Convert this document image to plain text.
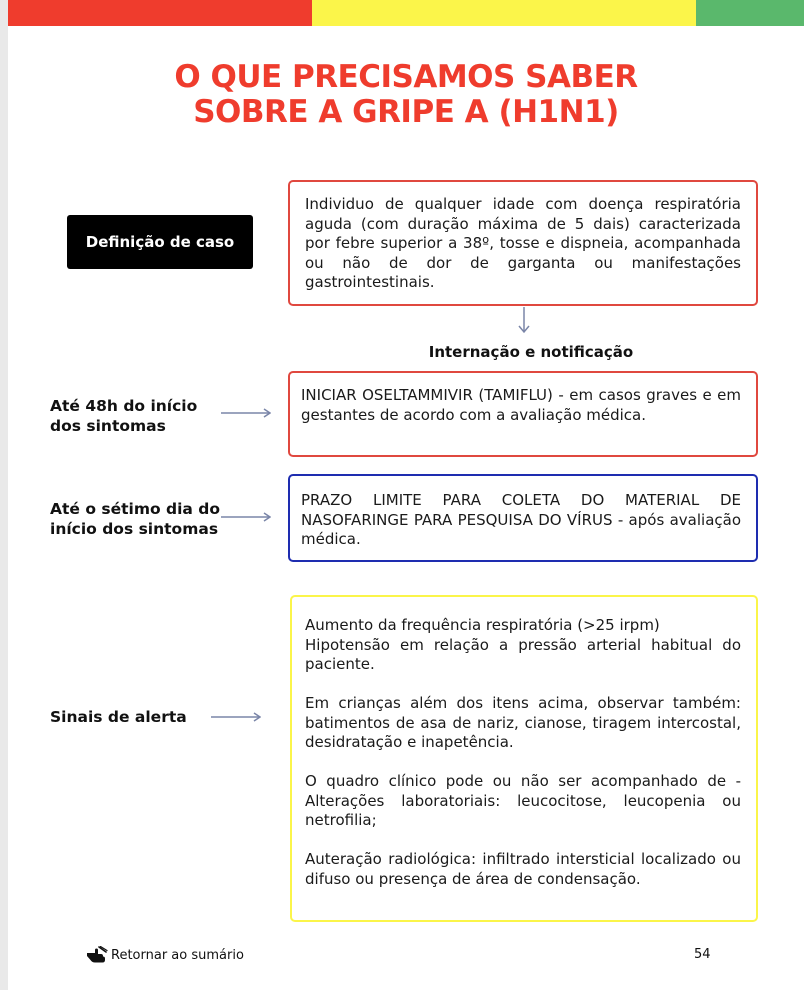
O QUE PRECISAMOS SABER
SOBRE A GRIPE A (H1N1)
Definição de caso
Individuo de qualquer idade com doença respiratória aguda (com duração máxima de 5 dais) caracterizada por febre superior a 38º, tosse e dispneia, acompanhada ou não de dor de garganta ou manifestações gastrointestinais.
Internação e notificação
Até 48h do início
dos sintomas
INICIAR OSELTAMMIVIR (TAMIFLU) - em casos graves e em gestantes de acordo com a avaliação médica.
Até o sétimo dia do
início dos sintomas
PRAZO LIMITE PARA COLETA DO MATERIAL DE NASOFARINGE PARA PESQUISA DO VÍRUS - após avaliação médica.
Sinais de alerta

Aumento da frequência respiratória (>25 irpm)

Hipotensão em relação a pressão arterial habitual do paciente.

Em crianças além dos itens acima, observar também: batimentos de asa de nariz, cianose, tiragem intercostal, desidratação e inapetência.

O quadro clínico pode ou não ser acompanhado de - Alterações laboratoriais: leucocitose, leucopenia ou netrofilia;

Auteração radiológica: infiltrado intersticial localizado ou difuso ou presença de área de condensação.

Retornar ao sumário	54
